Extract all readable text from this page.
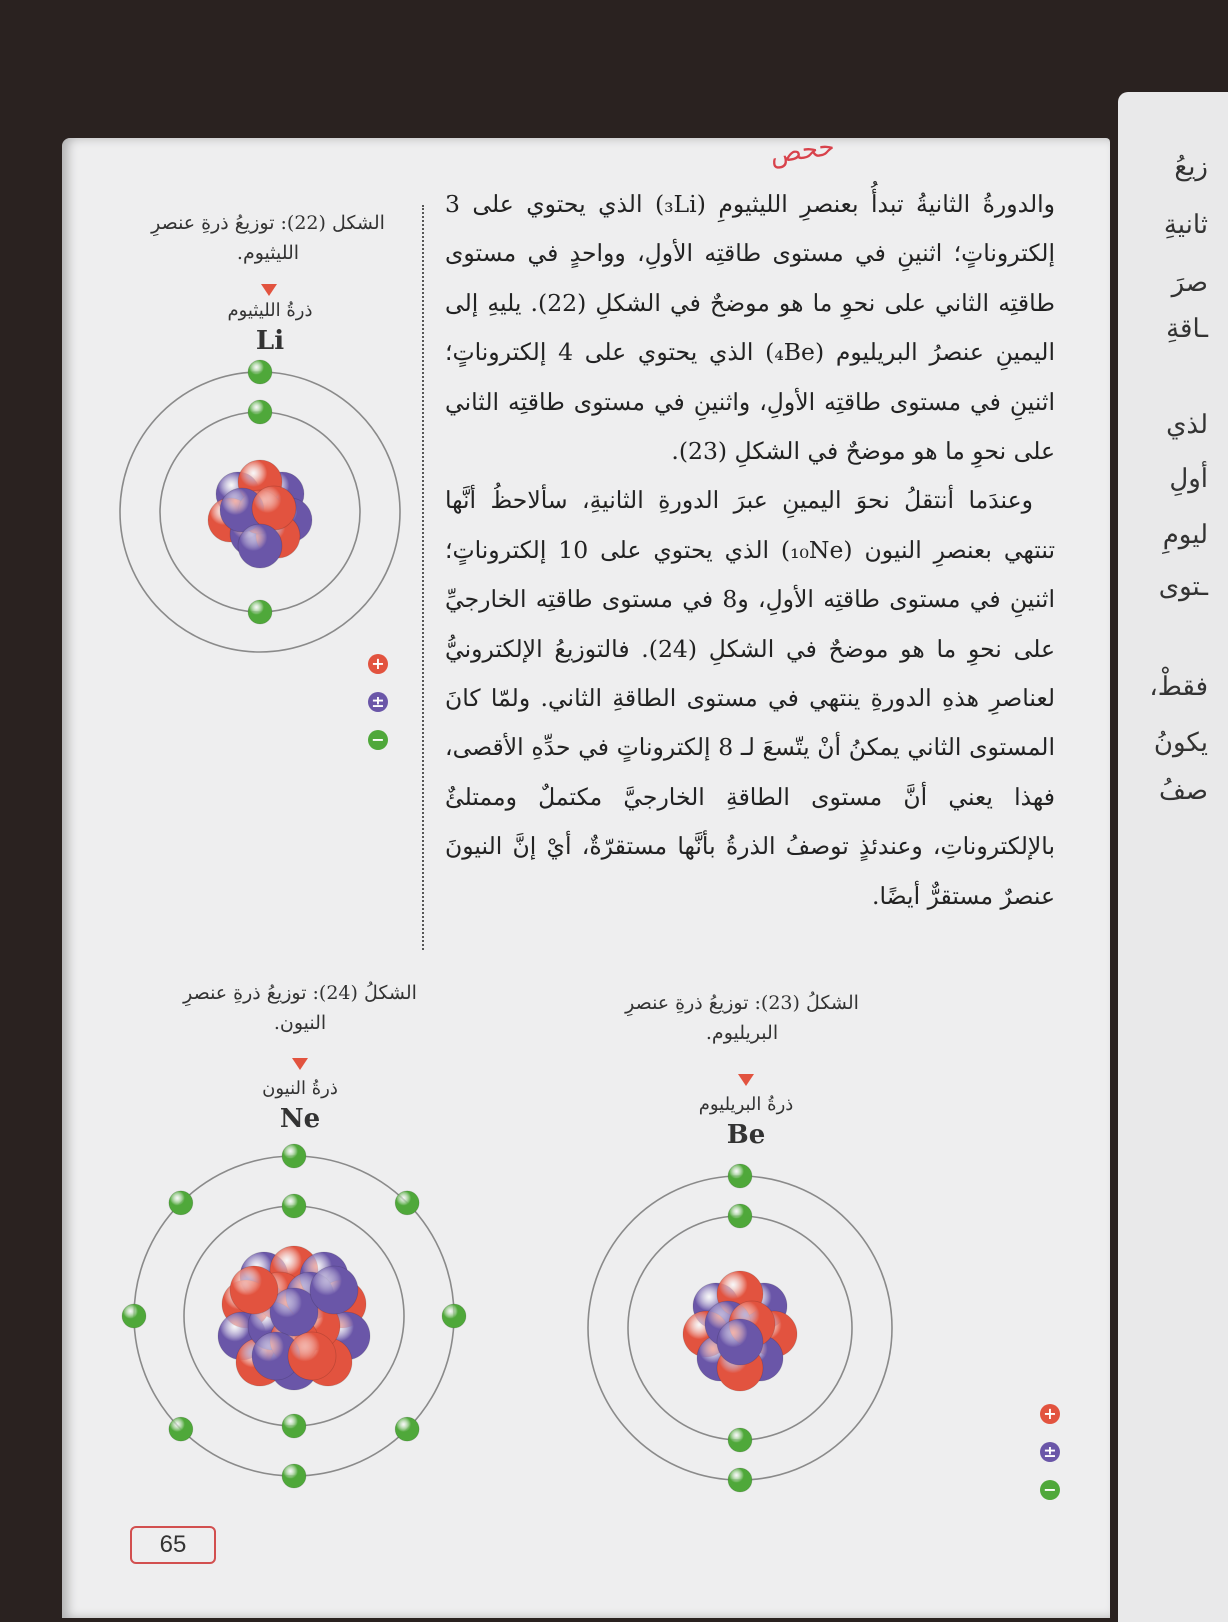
زيعُ
ثانيةِ
صرَ
ـاقةِ
لذي
أولِ
ليومِ
ـتوى
فقطْ،
يكونُ
صفُ
ححص

والدورةُ الثانيةُ تبدأُ بعنصرِ الليثيومِ (₃Li) الذي يحتوي على 3 إلكتروناتٍ؛ اثنينِ في مستوى طاقتِه الأولِ، وواحدٍ في مستوى طاقتِه الثاني على نحوِ ما هو موضحٌ في الشكلِ (22). يليهِ إلى اليمينِ عنصرُ البريليوم (₄Be) الذي يحتوي على 4 إلكتروناتٍ؛ اثنينِ في مستوى طاقتِه الأولِ، واثنينِ في مستوى طاقتِه الثاني على نحوِ ما هو موضحٌ في الشكلِ (23).

وعندَما أنتقلُ نحوَ اليمينِ عبرَ الدورةِ الثانيةِ، سألاحظُ أنَّها تنتهي بعنصرِ النيون (₁₀Ne) الذي يحتوي على 10 إلكتروناتٍ؛ اثنينِ في مستوى طاقتِه الأولِ، و8 في مستوى طاقتِه الخارجيِّ على نحوِ ما هو موضحٌ في الشكلِ (24). فالتوزيعُ الإلكترونيُّ لعناصرِ هذهِ الدورةِ ينتهي في مستوى الطاقةِ الثاني. ولمّا كانَ المستوى الثاني يمكنُ أنْ يتّسعَ لـ 8 إلكتروناتٍ في حدِّهِ الأقصى، فهذا يعني أنَّ مستوى الطاقةِ الخارجيَّ مكتملٌ وممتلئٌ بالإلكتروناتِ، وعندئذٍ توصفُ الذرةُ بأنَّها مستقرّةٌ، أيْ إنَّ النيونَ عنصرٌ مستقرٌّ أيضًا.

الشكل (22): توزيعُ ذرةِ عنصرِ الليثيوم.
ذرةُ الليثيوم
Li
+
±
−
الشكلُ (24): توزيعُ ذرةِ عنصرِ النيون.
ذرةُ النيون
Ne
الشكلُ (23): توزيعُ ذرةِ عنصرِ البريليوم.
ذرةُ البريليوم
Be
+
±
−
65
